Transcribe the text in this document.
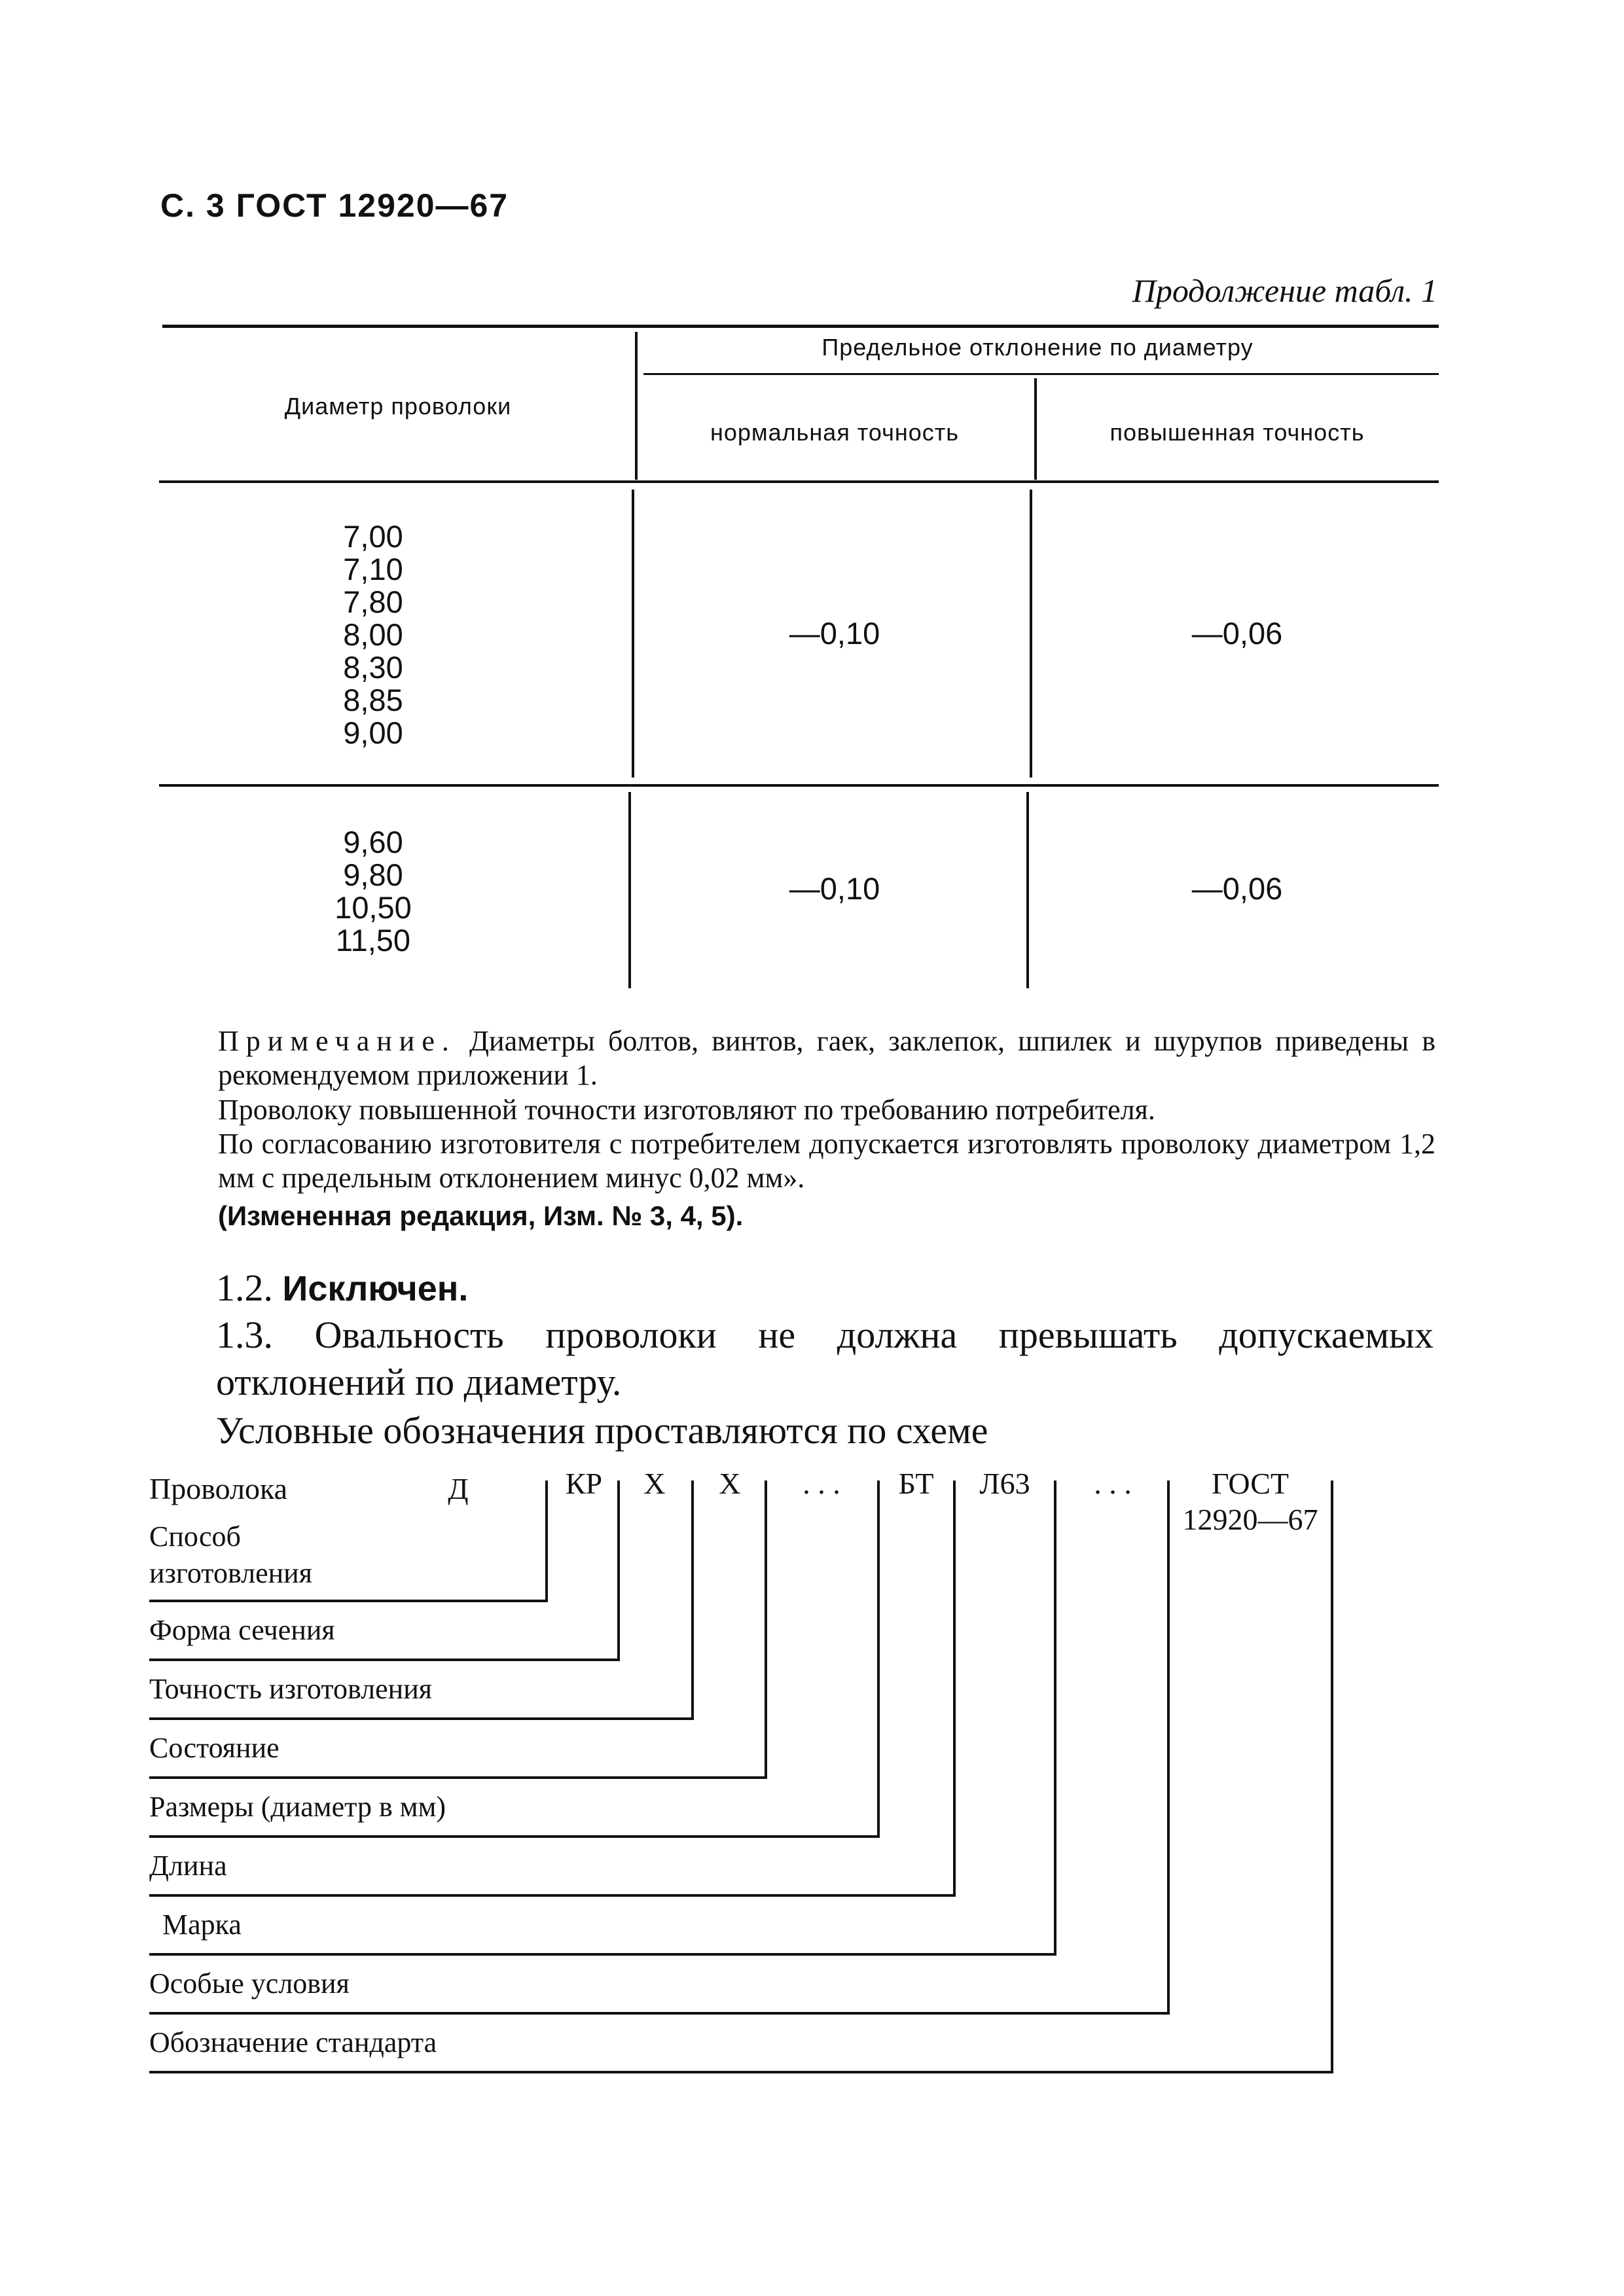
С. 3 ГОСТ 12920—67
Продолжение табл. 1
Диаметр проволоки
Предельное отклонение по диаметру
нормальная точность	повышенная точность
7,00
7,10
7,80
8,00
8,30
8,85
9,00
—0,10	—0,06
9,60
9,80
10,50
11,50
—0,10	—0,06
Примечание. Диаметры болтов, винтов, гаек, заклепок, шпилек и шурупов приведены в рекомендуемом приложении 1.
Проволоку повышенной точности изготовляют по требованию потребителя.
По согласованию изготовителя с потребителем допускается изготовлять проволоку диаметром 1,2 мм с предельным отклонением минус 0,02 мм».
(Измененная редакция, Изм. № 3, 4, 5).
1.2. Исключен.
1.3. Овальность проволоки не должна превышать допускаемых отклонений по диаметру.
Условные обозначения проставляются по схеме
Проволока	Д	КР	Х	Х	. . .	БТ	Л63	. . .	ГОСТ
12920—67
Способ изготовления
Форма сечения
Точность изготовления
Состояние
Размеры (диаметр в мм)
Длина
Марка
Особые условия
Обозначение стандарта
